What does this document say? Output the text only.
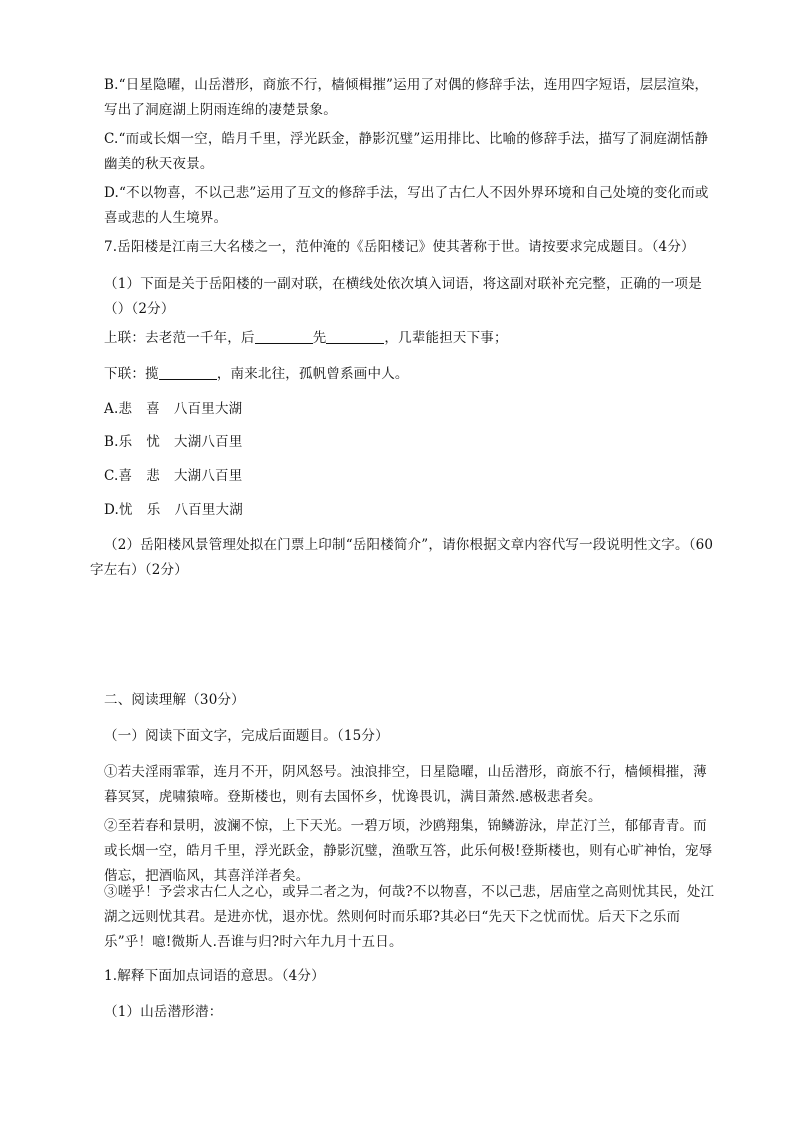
B.“日星隐曜，山岳潜形，商旅不行，樯倾楫摧”运用了对偶的修辞手法，连用四字短语，层层渲染，写出了洞庭湖上阴雨连绵的凄楚景象。

C.“而或长烟一空，皓月千里，浮光跃金，静影沉璧”运用排比、比喻的修辞手法，描写了洞庭湖恬静幽美的秋天夜景。

D.“不以物喜，不以己悲”运用了互文的修辞手法，写出了古仁人不因外界环境和自己处境的变化而或喜或悲的人生境界。

7.岳阳楼是江南三大名楼之一，范仲淹的《岳阳楼记》使其著称于世。请按要求完成题目。（4分）

（1）下面是关于岳阳楼的一副对联，在横线处依次填入词语，将这副对联补充完整，正确的一项是（）（2分）

上联：去老范一千年，后	先	，几辈能担天下事；

下联：揽	，南来北往，孤帆曾系画中人。

A.悲 喜 八百里大湖

B.乐 忧 大湖八百里

C.喜 悲 大湖八百里

D.忧 乐 八百里大湖

（2）岳阳楼风景管理处拟在门票上印制“岳阳楼简介”，请你根据文章内容代写一段说明性文字。（60字左右）（2分）

二、阅读理解（30分）

（一）阅读下面文字，完成后面题目。（15分）

①若夫淫雨霏霏，连月不开，阴风怒号。浊浪排空，日星隐曜，山岳潜形，商旅不行，樯倾楫摧，薄暮冥冥，虎啸猿啼。登斯楼也，则有去国怀乡，忧谗畏讥，满目萧然.感极悲者矣。

②至若春和景明，波澜不惊，上下天光。一碧万顷，沙鸥翔集，锦鳞游泳，岸芷汀兰，郁郁青青。而或长烟一空，皓月千里，浮光跃金，静影沉璧，渔歌互答，此乐何极!登斯楼也，则有心旷神怡，宠辱偕忘，把酒临风，其喜洋洋者矣。

③嗟乎！予尝求古仁人之心，或异二者之为，何哉?不以物喜，不以己悲，居庙堂之高则忧其民，处江湖之远则忧其君。是进亦忧，退亦忧。然则何时而乐耶?其必曰“先天下之忧而忧。后天下之乐而乐”乎！噫!微斯人.吾谁与归?时六年九月十五日。

1.解释下面加点词语的意思。（4分）

（1）山岳潜形潜：
